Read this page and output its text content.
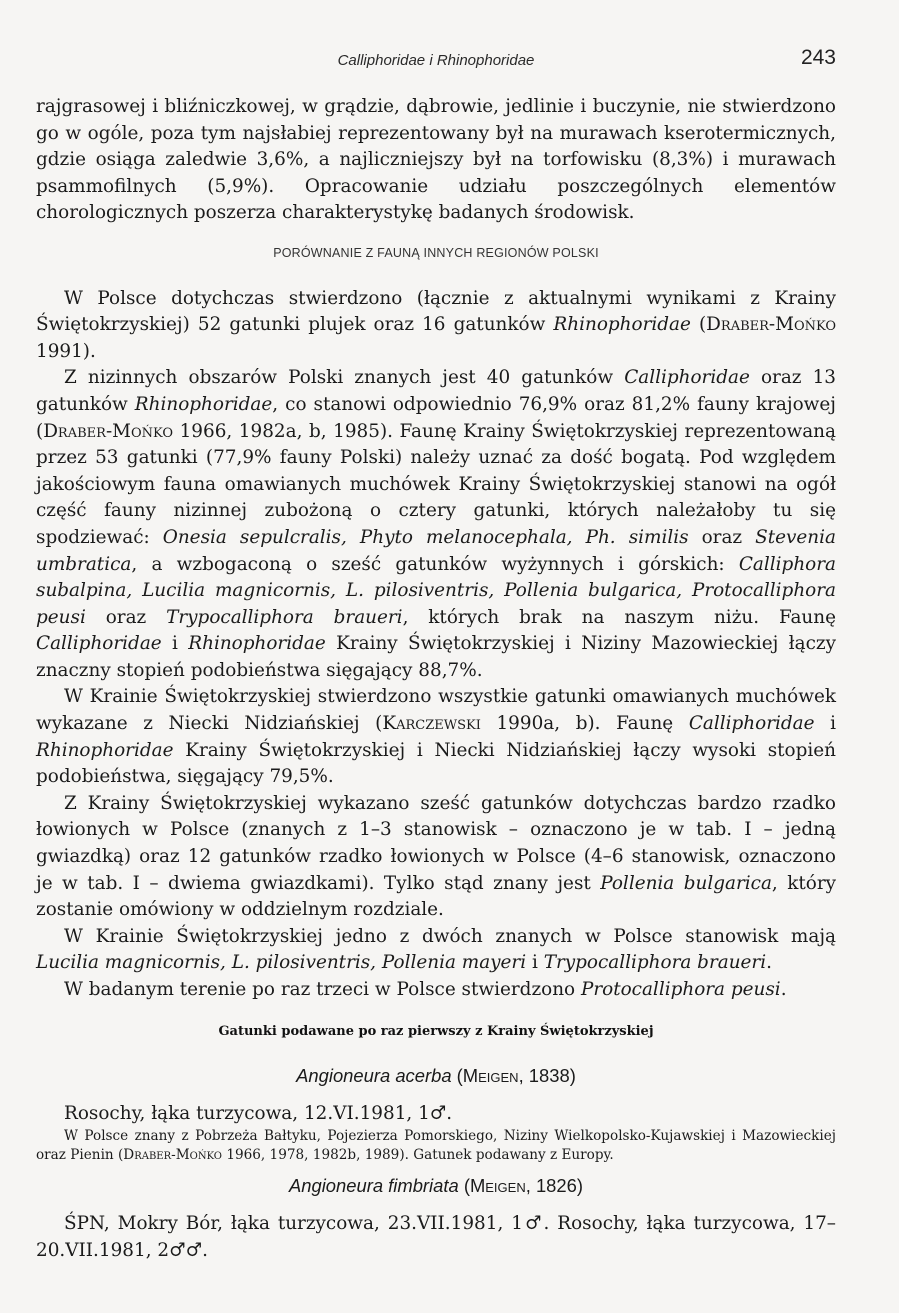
Calliphoridae i Rhinophoridae	243

rajgrasowej i bliźniczkowej, w grądzie, dąbrowie, jedlinie i buczynie, nie stwierdzono go w ogóle, poza tym najsłabiej reprezentowany był na murawach kserotermicznych, gdzie osiąga zaledwie 3,6%, a najliczniejszy był na torfowisku (8,3%) i murawach psammofilnych (5,9%). Opracowanie udziału poszczególnych elementów chorologicznych poszerza charakterystykę badanych środowisk.

PORÓWNANIE Z FAUNĄ INNYCH REGIONÓW POLSKI

W Polsce dotychczas stwierdzono (łącznie z aktualnymi wynikami z Krainy Świętokrzyskiej) 52 gatunki plujek oraz 16 gatunków Rhinophoridae (Draber-Mońko 1991).

Z nizinnych obszarów Polski znanych jest 40 gatunków Calliphoridae oraz 13 gatunków Rhinophoridae, co stanowi odpowiednio 76,9% oraz 81,2% fauny krajowej (Draber-Mońko 1966, 1982a, b, 1985). Faunę Krainy Świętokrzyskiej reprezentowaną przez 53 gatunki (77,9% fauny Polski) należy uznać za dość bogatą. Pod względem jakościowym fauna omawianych muchówek Krainy Świętokrzyskiej stanowi na ogół część fauny nizinnej zubożoną o cztery gatunki, których należałoby tu się spodziewać: Onesia sepulcralis, Phyto melanocephala, Ph. similis oraz Stevenia umbratica, a wzbogaconą o sześć gatunków wyżynnych i górskich: Calliphora subalpina, Lucilia magnicornis, L. pilosiventris, Pollenia bulgarica, Protocalliphora peusi oraz Trypocalliphora braueri, których brak na naszym niżu. Faunę Calliphoridae i Rhinophoridae Krainy Świętokrzyskiej i Niziny Mazowieckiej łączy znaczny stopień podobieństwa sięgający 88,7%.

W Krainie Świętokrzyskiej stwierdzono wszystkie gatunki omawianych muchówek wykazane z Niecki Nidziańskiej (Karczewski 1990a, b). Faunę Calliphoridae i Rhinophoridae Krainy Świętokrzyskiej i Niecki Nidziańskiej łączy wysoki stopień podobieństwa, sięgający 79,5%.

Z Krainy Świętokrzyskiej wykazano sześć gatunków dotychczas bardzo rzadko łowionych w Polsce (znanych z 1–3 stanowisk – oznaczono je w tab. I – jedną gwiazdką) oraz 12 gatunków rzadko łowionych w Polsce (4–6 stanowisk, oznaczono je w tab. I – dwiema gwiazdkami). Tylko stąd znany jest Pollenia bulgarica, który zostanie omówiony w oddzielnym rozdziale.

W Krainie Świętokrzyskiej jedno z dwóch znanych w Polsce stanowisk mają Lucilia magnicornis, L. pilosiventris, Pollenia mayeri i Trypocalliphora braueri.

W badanym terenie po raz trzeci w Polsce stwierdzono Protocalliphora peusi.

Gatunki podawane po raz pierwszy z Krainy Świętokrzyskiej
Angioneura acerba (Meigen, 1838)

Rosochy, łąka turzycowa, 12.VI.1981, 1♂.

W Polsce znany z Pobrzeża Bałtyku, Pojezierza Pomorskiego, Niziny Wielkopolsko-Kujawskiej i Mazowieckiej oraz Pienin (Draber-Mońko 1966, 1978, 1982b, 1989). Gatunek podawany z Europy.

Angioneura fimbriata (Meigen, 1826)

ŚPN, Mokry Bór, łąka turzycowa, 23.VII.1981, 1♂. Rosochy, łąka turzycowa, 17–20.VII.1981, 2♂♂.
